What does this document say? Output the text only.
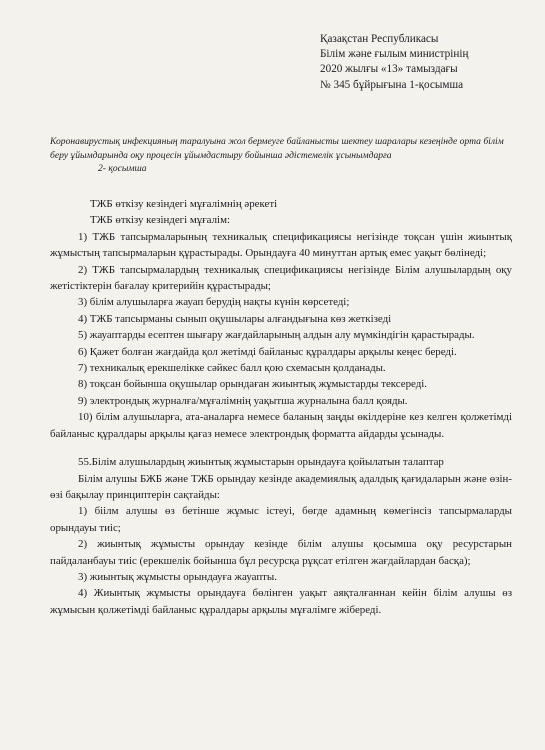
Қазақстан Республикасы
Білім және ғылым министрінің
2020 жылғы «13» тамыздағы
№ 345 бұйрығына 1-қосымша
Коронавирустық инфекцияның таралуына жол бермеуге байланысты шектеу шаралары кезеңінде орта білім беру ұйымдарында оқу процесін ұйымдастыру бойынша әдістемелік ұсынымдарға
2- қосымша

ТЖБ өткізу кезіндегі мұғалімнің әрекеті

ТЖБ өткізу кезіндегі мұғалім:

1) ТЖБ тапсырмаларының техникалық спецификациясы негізінде тоқсан үшін жиынтық жұмыстың тапсырмаларын құрастырады. Орындауға 40 минуттан артық емес уақыт бөлінеді;

2) ТЖБ тапсырмалардың техникалық спецификациясы негізінде Білім алушылардың оқу жетістіктерін бағалау критерийін құрастырады;

3) білім алушыларға жауап берудің нақты күнін көрсетеді;

4) ТЖБ тапсырманы сынып оқушылары алғандығына көз жеткізеді

5) жауаптарды есептен шығару жағдайларының алдын алу мүмкіндігін қарастырады.

6) Қажет болған жағдайда қол жетімді байланыс құралдары арқылы кеңес береді.

7) техникалық ерекшелікке сәйкес балл қою схемасын қолданады.

8) тоқсан бойынша оқушылар орындаған жиынтық жұмыстарды тексереді.

9) электрондық журналға/мұғалімнің уақытша журналына балл қояды.

10) білім алушыларға, ата-аналарға немесе баланың заңды өкілдеріне кез келген қолжетімді байланыс құралдары арқылы қағаз немесе электрондық форматта айдарды ұсынады.

55.Білім алушылардың жиынтық жұмыстарын орындауға қойылатын талаптар

Білім алушы БЖБ және ТЖБ орындау кезінде академиялық адалдық қағидаларын және өзін-өзі бақылау принциптерін сақтайды:

1) біілм алушы өз бетінше жұмыс істеуі, бөгде адамның көмегінсіз тапсырмаларды орындауы тиіс;

2) жиынтық жұмысты орындау кезінде білім алушы қосымша оқу ресурстарын пайдаланбауы тиіс (ерекшелік бойынша бұл ресурсқа рұқсат етілген жағдайлардан басқа);

3) жиынтық жұмысты орындауға жауапты.

4) Жиынтық жұмысты орындауға бөлінген уақыт аяқталғаннан кейін білім алушы өз жұмысын қолжетімді байланыс құралдары арқылы мұғалімге жібереді.
